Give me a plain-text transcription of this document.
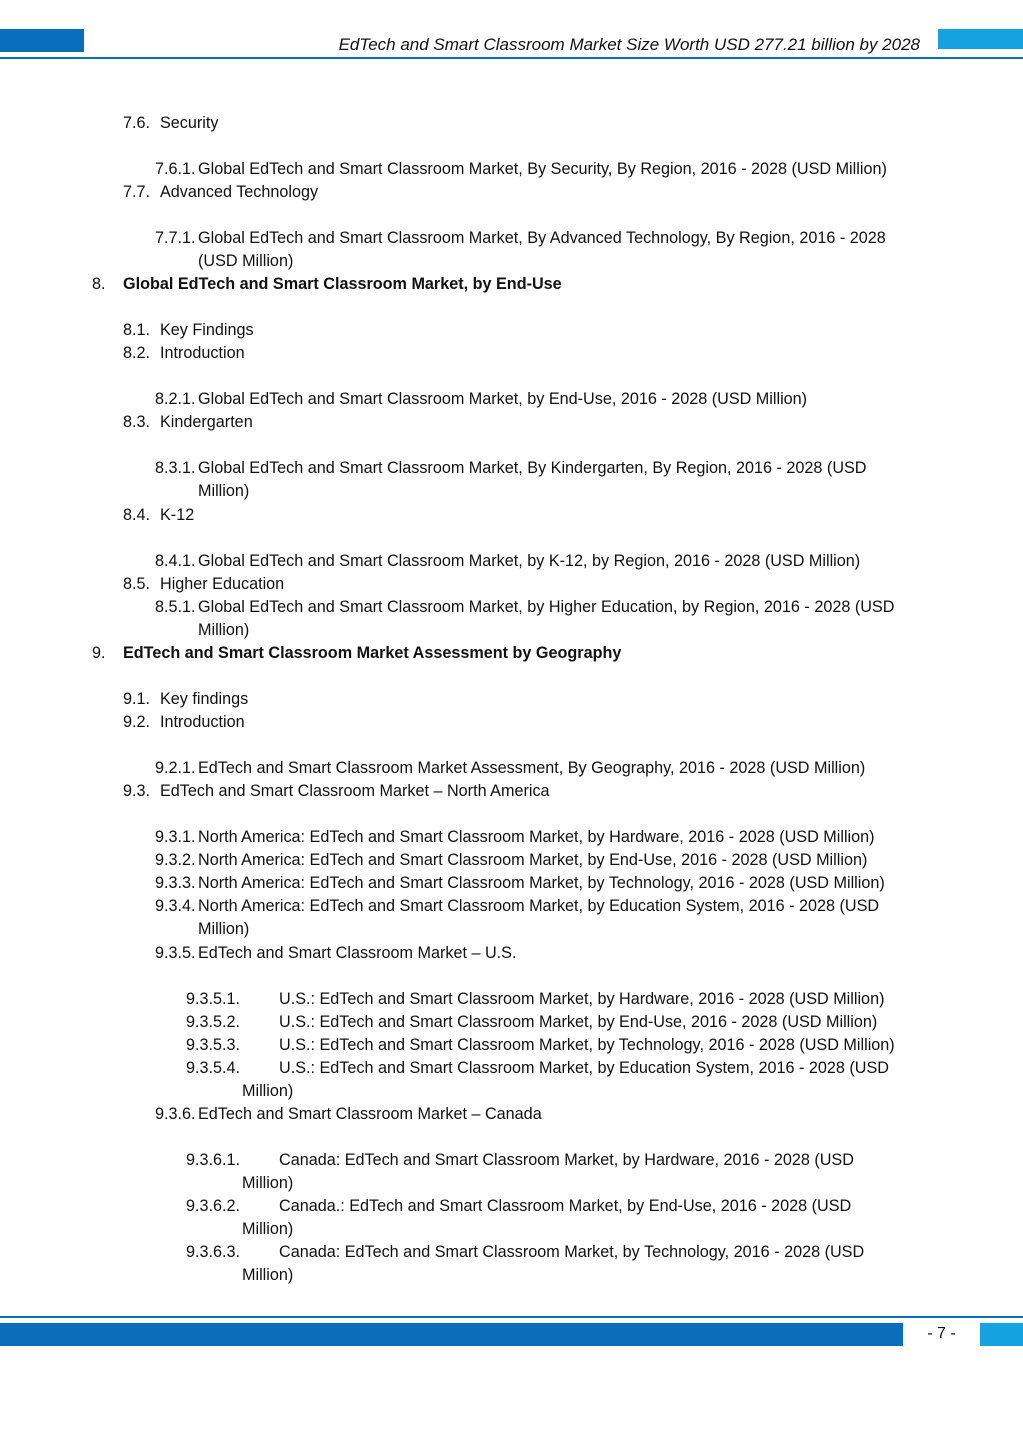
EdTech and Smart Classroom Market Size Worth USD 277.21 billion by 2028
7.6. Security
7.6.1. Global EdTech and Smart Classroom Market, By Security, By Region, 2016 - 2028 (USD Million)
7.7. Advanced Technology
7.7.1. Global EdTech and Smart Classroom Market, By Advanced Technology, By Region, 2016 - 2028
(USD Million)
8. Global EdTech and Smart Classroom Market, by End-Use
8.1. Key Findings
8.2. Introduction
8.2.1. Global EdTech and Smart Classroom Market, by End-Use, 2016 - 2028 (USD Million)
8.3. Kindergarten
8.3.1. Global EdTech and Smart Classroom Market, By Kindergarten, By Region, 2016 - 2028 (USD
Million)
8.4. K-12
8.4.1. Global EdTech and Smart Classroom Market, by K-12, by Region, 2016 - 2028 (USD Million)
8.5. Higher Education
8.5.1. Global EdTech and Smart Classroom Market, by Higher Education, by Region, 2016 - 2028 (USD
Million)
9. EdTech and Smart Classroom Market Assessment by Geography
9.1. Key findings
9.2. Introduction
9.2.1. EdTech and Smart Classroom Market Assessment, By Geography, 2016 - 2028 (USD Million)
9.3. EdTech and Smart Classroom Market – North America
9.3.1. North America: EdTech and Smart Classroom Market, by Hardware, 2016 - 2028 (USD Million)
9.3.2. North America: EdTech and Smart Classroom Market, by End-Use, 2016 - 2028 (USD Million)
9.3.3. North America: EdTech and Smart Classroom Market, by Technology, 2016 - 2028 (USD Million)
9.3.4. North America: EdTech and Smart Classroom Market, by Education System, 2016 - 2028 (USD
Million)
9.3.5. EdTech and Smart Classroom Market – U.S.
9.3.5.1. U.S.: EdTech and Smart Classroom Market, by Hardware, 2016 - 2028 (USD Million)
9.3.5.2. U.S.: EdTech and Smart Classroom Market, by End-Use, 2016 - 2028 (USD Million)
9.3.5.3. U.S.: EdTech and Smart Classroom Market, by Technology, 2016 - 2028 (USD Million)
9.3.5.4. U.S.: EdTech and Smart Classroom Market, by Education System, 2016 - 2028 (USD
Million)
9.3.6. EdTech and Smart Classroom Market – Canada
9.3.6.1. Canada: EdTech and Smart Classroom Market, by Hardware, 2016 - 2028 (USD
Million)
9.3.6.2. Canada.: EdTech and Smart Classroom Market, by End-Use, 2016 - 2028 (USD
Million)
9.3.6.3. Canada: EdTech and Smart Classroom Market, by Technology, 2016 - 2028 (USD
Million)
- 7 -
